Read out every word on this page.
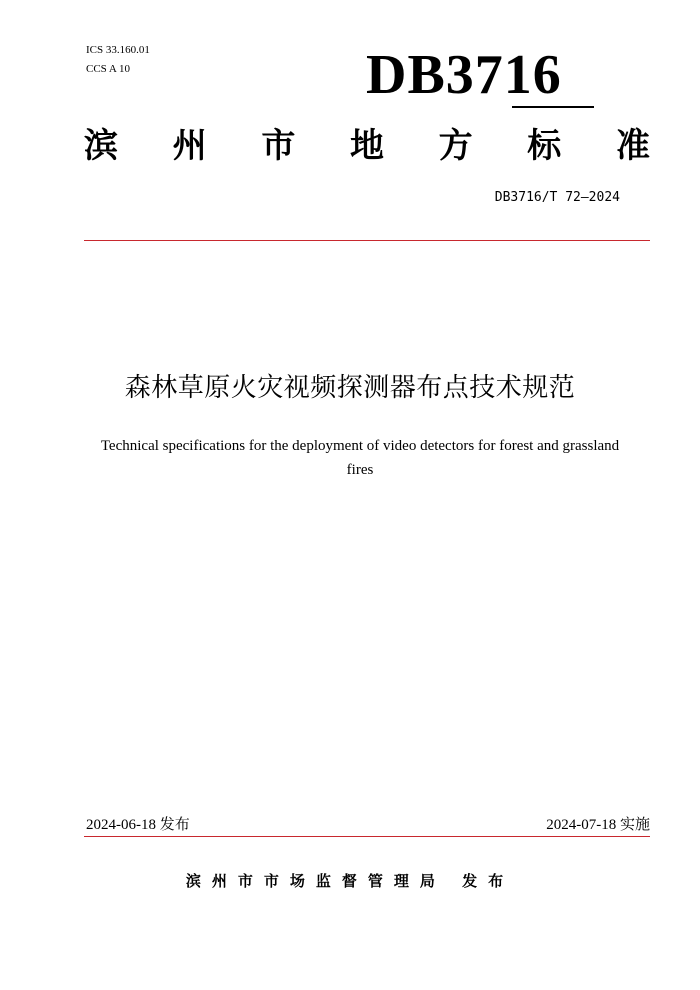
ICS 33.160.01
CCS A 10	DB3716
滨 州 市 地 方 标 准
DB3716/T 72—2024
森林草原火灾视频探测器布点技术规范
Technical specifications for the deployment of video detectors for forest and grassland fires
2024-06-18 发布	2024-07-18 实施
滨州市市场监督管理局 发布
